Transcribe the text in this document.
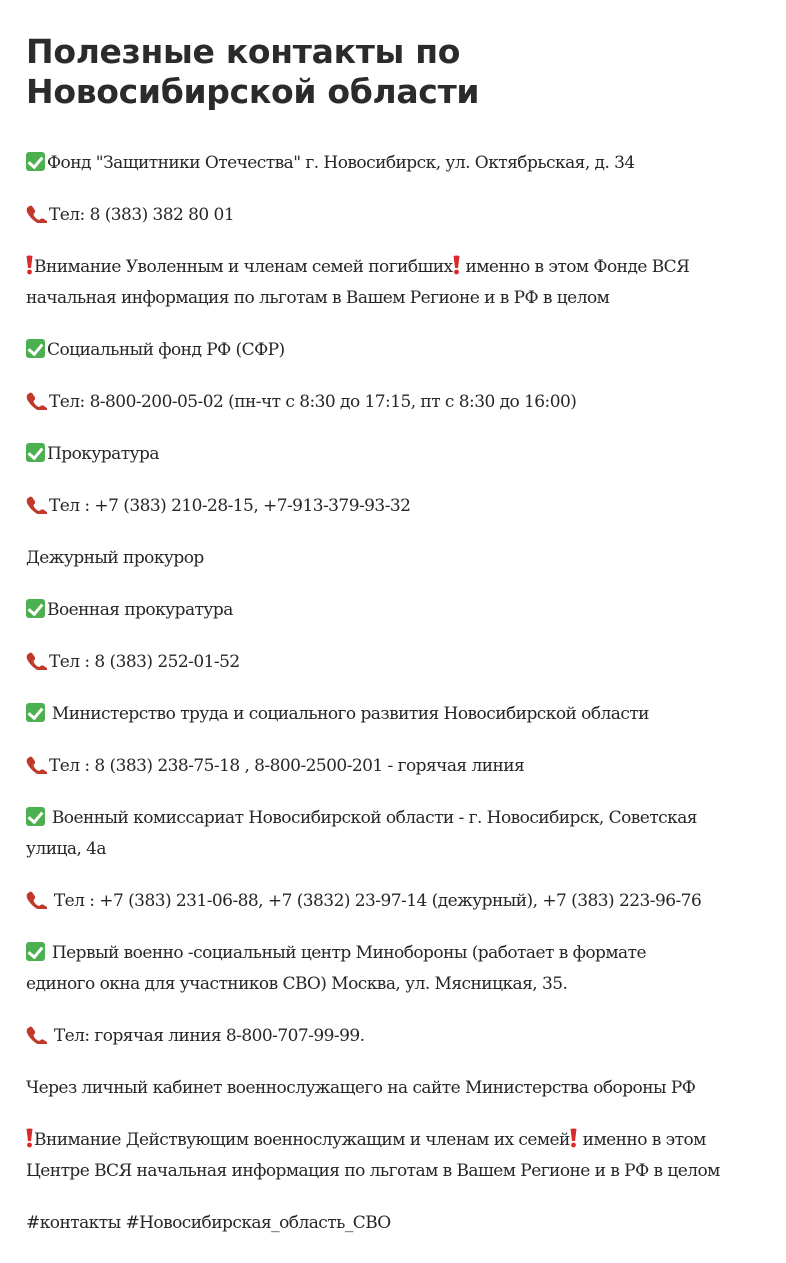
Полезные контакты по
Новосибирской области

Фонд "Защитники Отечества" г. Новосибирск, ул. Октябрьская, д. 34

Тел: 8 (383) 382 80 01

Внимание Уволенным и членам семей погибших именно в этом Фонде ВСЯ
начальная информация по льготам в Вашем Регионе и в РФ в целом

Социальный фонд РФ (СФР)

Тел: 8-800-200-05-02 (пн-чт с 8:30 до 17:15, пт с 8:30 до 16:00)

Прокуратура

Тел : +7 (383) 210-28-15, +7-913-379-93-32

Дежурный прокурор

Военная прокуратура

Тел : 8 (383) 252-01-52

Министерство труда и социального развития Новосибирской области

Тел : 8 (383) 238-75-18 , 8-800-2500-201 - горячая линия

Военный комиссариат Новосибирской области - г. Новосибирск, Советская
улица, 4а

Тел : +7 (383) 231-06-88, +7 (3832) 23-97-14 (дежурный), +7 (383) 223-96-76

Первый военно -социальный центр Минобороны (работает в формате
единого окна для участников СВО) Москва, ул. Мясницкая, 35.

Тел: горячая линия 8-800-707-99-99.

Через личный кабинет военнослужащего на сайте Министерства обороны РФ

Внимание Действующим военнослужащим и членам их семей именно в этом
Центре ВСЯ начальная информация по льготам в Вашем Регионе и в РФ в целом

#контакты #Новосибирская_область_СВО
